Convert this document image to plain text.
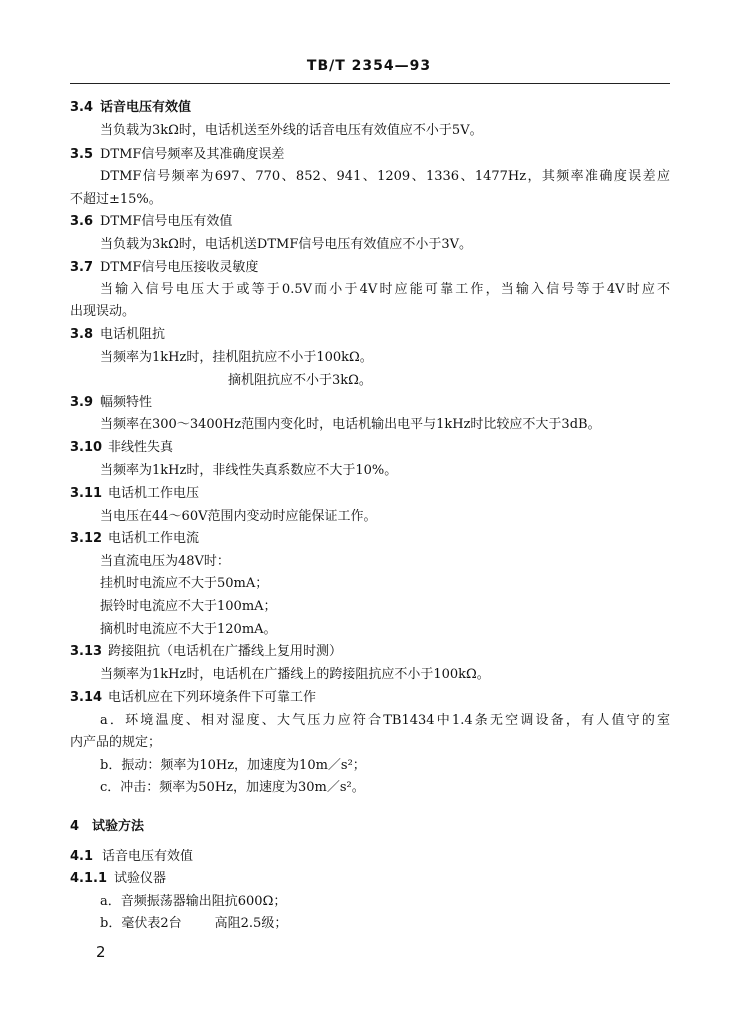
TB/T 2354—93
3.4 话音电压有效值
当负载为3kΩ时，电话机送至外线的话音电压有效值应不小于5V。
3.5 DTMF信号频率及其准确度误差
DTMF信号频率为697、770、852、941、1209、1336、1477Hz，其频率准确度误差应
不超过±15%。
3.6 DTMF信号电压有效值
当负载为3kΩ时，电话机送DTMF信号电压有效值应不小于3V。
3.7 DTMF信号电压接收灵敏度
当输入信号电压大于或等于0.5V而小于4V时应能可靠工作，当输入信号等于4V时应不
出现误动。
3.8 电话机阻抗
当频率为1kHz时，挂机阻抗应不小于100kΩ。
摘机阻抗应不小于3kΩ。
3.9 幅频特性
当频率在300～3400Hz范围内变化时，电话机输出电平与1kHz时比较应不大于3dB。
3.10 非线性失真
当频率为1kHz时，非线性失真系数应不大于10%。
3.11 电话机工作电压
当电压在44～60V范围内变动时应能保证工作。
3.12 电话机工作电流
当直流电压为48V时：
挂机时电流应不大于50mA；
振铃时电流应不大于100mA；
摘机时电流应不大于120mA。
3.13 跨接阻抗（电话机在广播线上复用时测）
当频率为1kHz时，电话机在广播线上的跨接阻抗应不小于100kΩ。
3.14 电话机应在下列环境条件下可靠工作
a．环境温度、相对湿度、大气压力应符合TB1434中1.4条无空调设备，有人值守的室
内产品的规定；
b．振动：频率为10Hz，加速度为10m／s²；
c．冲击：频率为50Hz，加速度为30m／s²。
4 试验方法
4.1 话音电压有效值
4.1.1 试验仪器
a．音频振荡器输出阻抗600Ω；
b．毫伏表2台        高阻2.5级；
2
